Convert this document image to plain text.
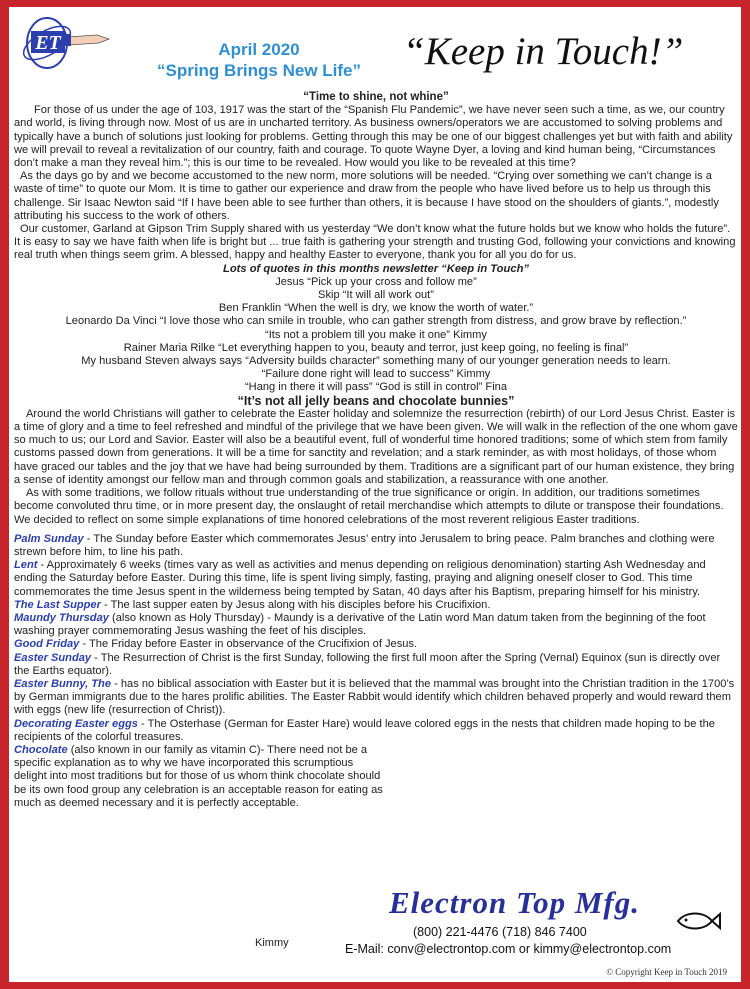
ET	April 2020
“Spring Brings New Life”	“Keep in Touch!”

“Time to shine, not whine”

For those of us under the age of 103, 1917 was the start of the “Spanish Flu Pandemic”, we have never seen such a time, as we, our country and world, is living through now. Most of us are in uncharted territory. As business owners/operators we are accustomed to solving problems and typically have a bunch of solutions just looking for problems. Getting through this may be one of our biggest challenges yet but with faith and ability we will prevail to reveal a revitalization of our country, faith and courage. To quote Wayne Dyer, a loving and kind human being, “Circumstances don’t make a man they reveal him.”; this is our time to be revealed. How would you like to be revealed at this time?

As the days go by and we become accustomed to the new norm, more solutions will be needed. “Crying over something we can’t change is a waste of time” to quote our Mom. It is time to gather our experience and draw from the people who have lived before us to help us through this challenge. Sir Isaac Newton said “If I have been able to see further than others, it is because I have stood on the shoulders of giants.”, modestly attributing his success to the work of others.

Our customer, Garland at Gipson Trim Supply shared with us yesterday “We don’t know what the future holds but we know who holds the future”. It is easy to say we have faith when life is bright but ... true faith is gathering your strength and trusting God, following your convictions and knowing real truth when things seem grim. A blessed, happy and healthy Easter to everyone, thank you for all you do for us.

Lots of quotes in this months newsletter “Keep in Touch”

Jesus “Pick up your cross and follow me”
Skip “It will all work out”
Ben Franklin “When the well is dry, we know the worth of water.”
Leonardo Da Vinci “I love those who can smile in trouble, who can gather strength from distress, and grow brave by reflection.”
“Its not a problem till you make it one” Kimmy
Rainer Maria Rilke “Let everything happen to you, beauty and terror, just keep going, no feeling is final”
My husband Steven always says “Adversity builds character” something many of our younger generation needs to learn.
“Failure done right will lead to success” Kimmy
“Hang in there it will pass” “God is still in control” Fina

“It’s not all jelly beans and chocolate bunnies”

Around the world Christians will gather to celebrate the Easter holiday and solemnize the resurrection (rebirth) of our Lord Jesus Christ. Easter is a time of glory and a time to feel refreshed and mindful of the privilege that we have been given. We will walk in the reflection of the one whom gave so much to us; our Lord and Savior. Easter will also be a beautiful event, full of wonderful time honored traditions; some of which stem from family customs passed down from generations. It will be a time for sanctity and revelation; and a stark reminder, as with most holidays, of those whom have graced our tables and the joy that we have had being surrounded by them. Traditions are a significant part of our human existence, they bring a sense of identity amongst our fellow man and through common goals and stabilization, a reassurance with one another.

As with some traditions, we follow rituals without true understanding of the true significance or origin. In addition, our traditions sometimes become convoluted thru time, or in more present day, the onslaught of retail merchandise which attempts to dilute or transpose their foundations. We decided to reflect on some simple explanations of time honored celebrations of the most reverent religious Easter traditions.

Palm Sunday - The Sunday before Easter which commemorates Jesus’ entry into Jerusalem to bring peace. Palm branches and clothing were strewn before him, to line his path.

Lent - Approximately 6 weeks (times vary as well as activities and menus depending on religious denomination) starting Ash Wednesday and ending the Saturday before Easter. During this time, life is spent living simply, fasting, praying and aligning oneself closer to God. This time commemorates the time Jesus spent in the wilderness being tempted by Satan, 40 days after his Baptism, preparing himself for his ministry.

The Last Supper - The last supper eaten by Jesus along with his disciples before his Crucifixion.

Maundy Thursday (also known as Holy Thursday) - Maundy is a derivative of the Latin word Man datum taken from the beginning of the foot washing prayer commemorating Jesus washing the feet of his disciples.

Good Friday - The Friday before Easter in observance of the Crucifixion of Jesus.

Easter Sunday - The Resurrection of Christ is the first Sunday, following the first full moon after the Spring (Vernal) Equinox (sun is directly over the Earths equator).

Easter Bunny, The - has no biblical association with Easter but it is believed that the mammal was brought into the Christian tradition in the 1700’s by German immigrants due to the hares prolific abilities. The Easter Rabbit would identify which children behaved properly and would reward them with eggs (new life (resurrection of Christ)).

Decorating Easter eggs - The Osterhase (German for Easter Hare) would leave colored eggs in the nests that children made hoping to be the recipients of the colorful treasures.

Chocolate (also known in our family as vitamin C)- There need not be a specific explanation as to why we have incorporated this scrumptious delight into most traditions but for those of us whom think chocolate should be its own food group any celebration is an acceptable reason for eating as much as deemed necessary and it is perfectly acceptable.

Kimmy
Electron Top Mfg.
(800) 221-4476 (718) 846 7400
E-Mail: conv@electrontop.com or kimmy@electrontop.com
© Copyright Keep in Touch 2019
